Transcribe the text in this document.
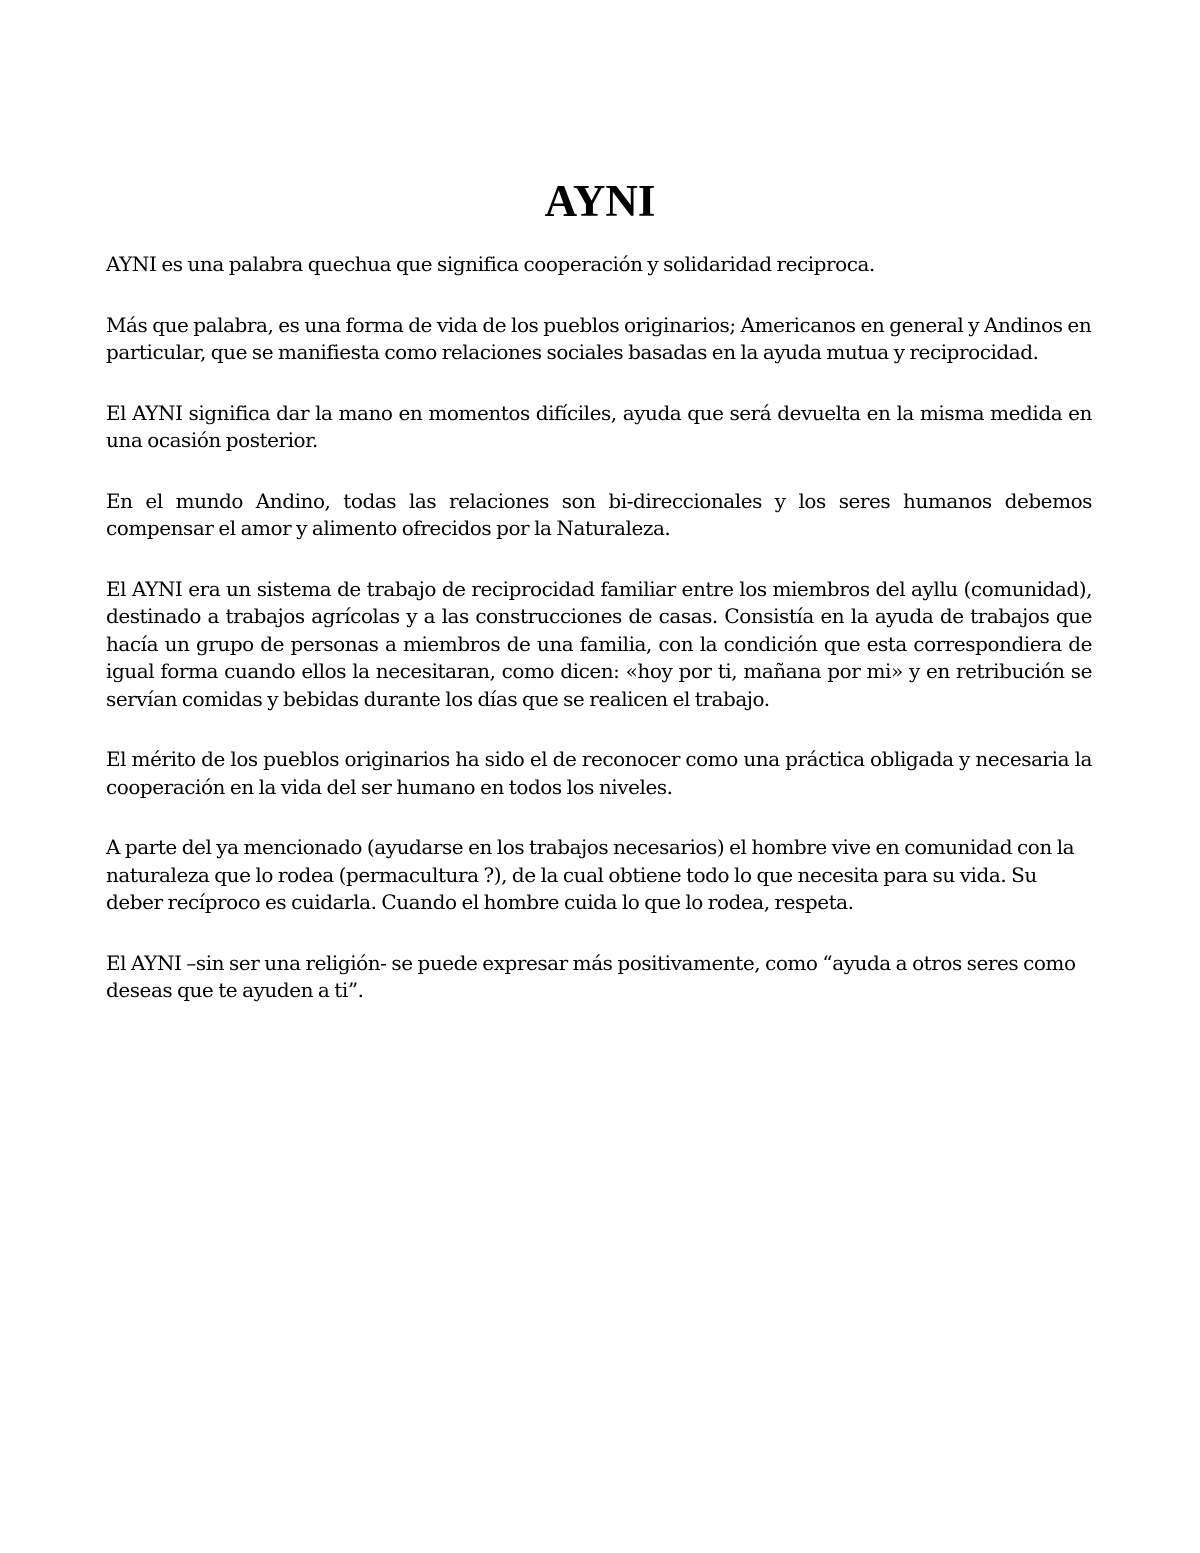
AYNI

AYNI es una palabra quechua que significa cooperación y solidaridad reciproca.

Más que palabra, es una forma de vida de los pueblos originarios; Americanos en general y Andinos en particular, que se manifiesta como relaciones sociales basadas en la ayuda mutua y reciprocidad.

El AYNI significa dar la mano en momentos difíciles, ayuda que será devuelta en la misma medida en una ocasión posterior.

En el mundo Andino, todas las relaciones son bi-direccionales y los seres humanos debemos compensar el amor y alimento ofrecidos por la Naturaleza.

El AYNI era un sistema de trabajo de reciprocidad familiar entre los miembros del ayllu (comunidad), destinado a trabajos agrícolas y a las construcciones de casas. Consistía en la ayuda de trabajos que hacía un grupo de personas a miembros de una familia, con la condición que esta correspondiera de igual forma cuando ellos la necesitaran, como dicen: «hoy por ti, mañana por mi» y en retribución se servían comidas y bebidas durante los días que se realicen el trabajo.

El mérito de los pueblos originarios ha sido el de reconocer como una práctica obligada y necesaria la cooperación en la vida del ser humano en todos los niveles.

A parte del ya mencionado (ayudarse en los trabajos necesarios) el hombre vive en comunidad con la naturaleza que lo rodea (permacultura ?), de la cual obtiene todo lo que necesita para su vida. Su deber recíproco es cuidarla. Cuando el hombre cuida lo que lo rodea, respeta.

El AYNI –sin ser una religión- se puede expresar más positivamente, como “ayuda a otros seres como deseas que te ayuden a ti”.
